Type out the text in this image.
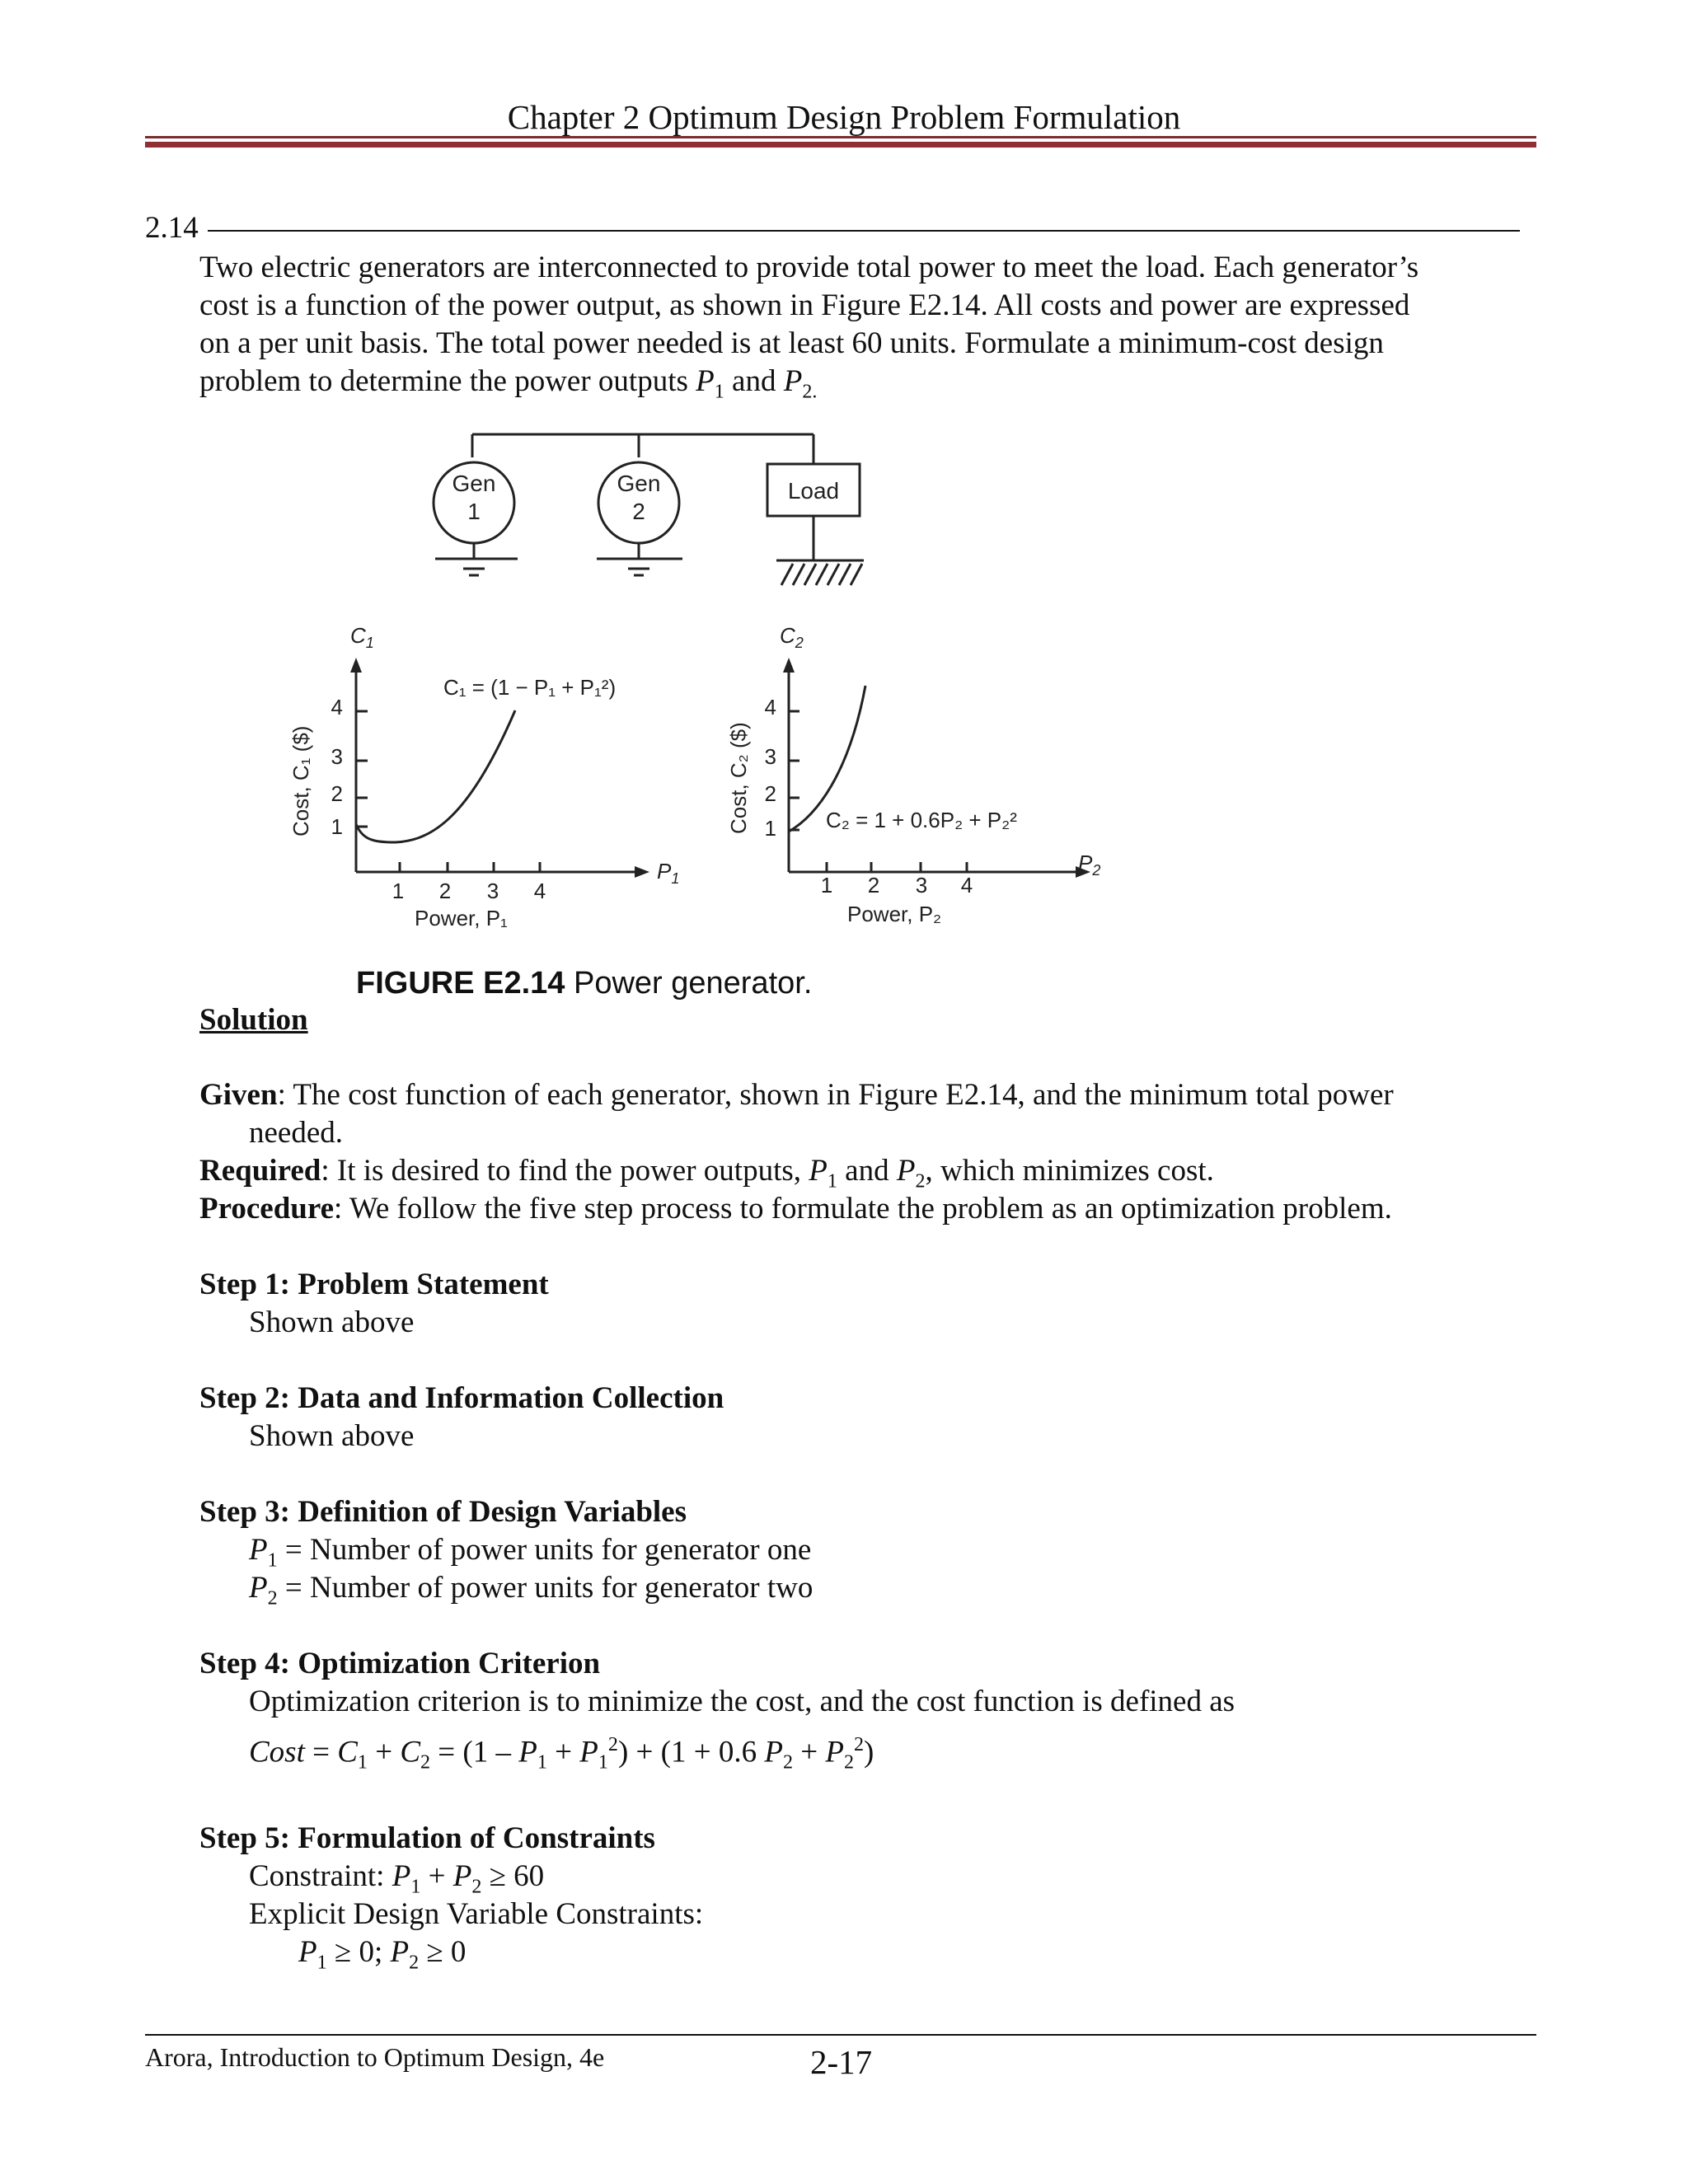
Chapter 2 Optimum Design Problem Formulation
2.14
Two electric generators are interconnected to provide total power to meet the load. Each generator’s
cost is a function of the power output, as shown in Figure E2.14. All costs and power are expressed
on a per unit basis. The total power needed is at least 60 units. Formulate a minimum-cost design
problem to determine the power outputs $P_1$ and $P_{2.}$
Gen
1
Gen
2
Load
4
3
2
1
1 2 3 4
$C_1$
$P_1$
Power, P₁
C₁ = (1 − P₁ + P₁²)
Cost, C₁ ($)
4
3
2
1
1 2 3 4
$C_2$
$P_2$
Power, P₂
C₂ = 1 + 0.6P₂ + P₂²
Cost, C₂ ($)
FIGURE E2.14 Power generator.
Solution
Given: The cost function of each generator, shown in Figure E2.14, and the minimum total power
needed.
Required: It is desired to find the power outputs, $P_1$ and $P_2$, which minimizes cost.
Procedure: We follow the five step process to formulate the problem as an optimization problem.
Step 1: Problem Statement
Shown above
Step 2: Data and Information Collection
Shown above
Step 3: Definition of Design Variables
$P_1$ = Number of power units for generator one
$P_2$ = Number of power units for generator two
Step 4: Optimization Criterion
Optimization criterion is to minimize the cost, and the cost function is defined as
Cost = $C_1 + C_2 = (1 - P_1 + P_1^2) + (1 + 0.6$ $P_2 + P_2^2$)
Step 5: Formulation of Constraints
Constraint: $P_1 + P_2 \ge 60$
Explicit Design Variable Constraints:
$P_1 \ge 0$; $P_2 \ge 0$
Arora, Introduction to Optimum Design, 4e	2-17
